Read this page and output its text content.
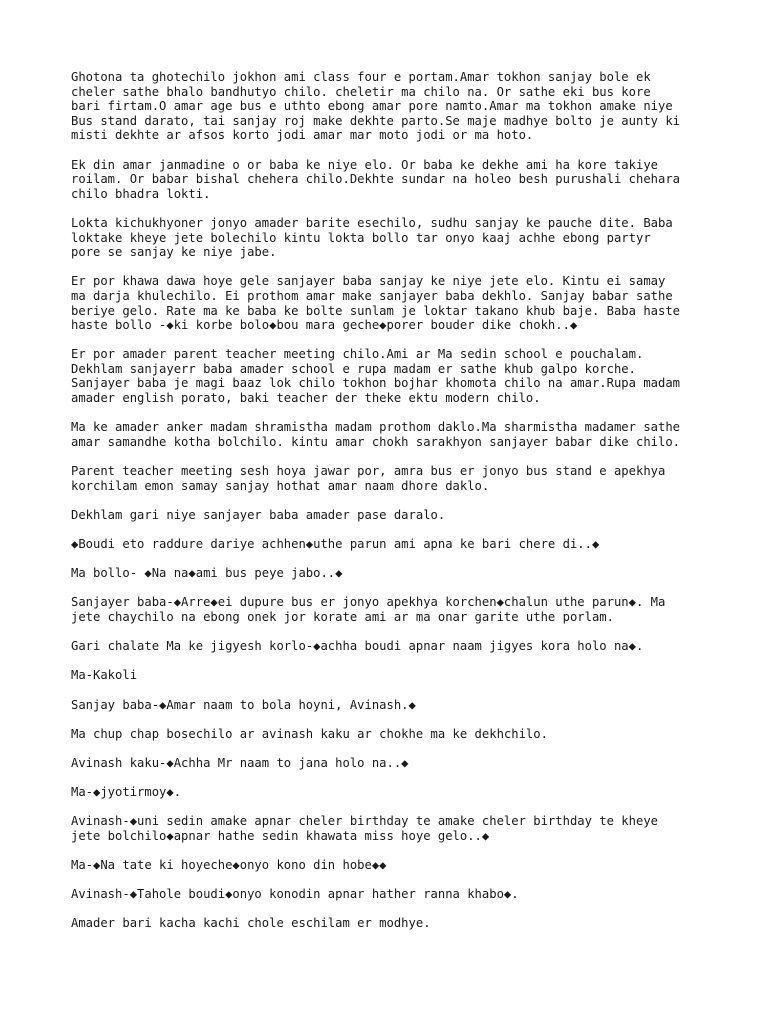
Ghotona ta ghotechilo jokhon ami class four e portam.Amar tokhon sanjay bole ek
cheler sathe bhalo bandhutyo chilo. cheletir ma chilo na. Or sathe eki bus kore
bari firtam.O amar age bus e uthto ebong amar pore namto.Amar ma tokhon amake niye
Bus stand darato, tai sanjay roj make dekhte parto.Se maje madhye bolto je aunty ki
misti dekhte ar afsos korto jodi amar mar moto jodi or ma hoto.

Ek din amar janmadine o or baba ke niye elo. Or baba ke dekhe ami ha kore takiye
roilam. Or babar bishal chehera chilo.Dekhte sundar na holeo besh purushali chehara
chilo bhadra lokti.

Lokta kichukhyoner jonyo amader barite esechilo, sudhu sanjay ke pauche dite. Baba
loktake kheye jete bolechilo kintu lokta bollo tar onyo kaaj achhe ebong partyr
pore se sanjay ke niye jabe.

Er por khawa dawa hoye gele sanjayer baba sanjay ke niye jete elo. Kintu ei samay
ma darja khulechilo. Ei prothom amar make sanjayer baba dekhlo. Sanjay babar sathe
beriye gelo. Rate ma ke baba ke bolte sunlam je loktar takano khub baje. Baba haste
haste bollo -◆ki korbe bolo◆bou mara geche◆porer bouder dike chokh..◆

Er por amader parent teacher meeting chilo.Ami ar Ma sedin school e pouchalam.
Dekhlam sanjayerr baba amader school e rupa madam er sathe khub galpo korche.
Sanjayer baba je magi baaz lok chilo tokhon bojhar khomota chilo na amar.Rupa madam
amader english porato, baki teacher der theke ektu modern chilo.

Ma ke amader anker madam shramistha madam prothom daklo.Ma sharmistha madamer sathe
amar samandhe kotha bolchilo. kintu amar chokh sarakhyon sanjayer babar dike chilo.

Parent teacher meeting sesh hoya jawar por, amra bus er jonyo bus stand e apekhya
korchilam emon samay sanjay hothat amar naam dhore daklo.

Dekhlam gari niye sanjayer baba amader pase daralo.

◆Boudi eto raddure dariye achhen◆uthe parun ami apna ke bari chere di..◆

Ma bollo- ◆Na na◆ami bus peye jabo..◆

Sanjayer baba-◆Arre◆ei dupure bus er jonyo apekhya korchen◆chalun uthe parun◆. Ma
jete chaychilo na ebong onek jor korate ami ar ma onar garite uthe porlam.

Gari chalate Ma ke jigyesh korlo-◆achha boudi apnar naam jigyes kora holo na◆.

Ma-Kakoli

Sanjay baba-◆Amar naam to bola hoyni, Avinash.◆

Ma chup chap bosechilo ar avinash kaku ar chokhe ma ke dekhchilo.

Avinash kaku-◆Achha Mr naam to jana holo na..◆

Ma-◆jyotirmoy◆.

Avinash-◆uni sedin amake apnar cheler birthday te amake cheler birthday te kheye
jete bolchilo◆apnar hathe sedin khawata miss hoye gelo..◆

Ma-◆Na tate ki hoyeche◆onyo kono din hobe◆◆

Avinash-◆Tahole boudi◆onyo konodin apnar hather ranna khabo◆.

Amader bari kacha kachi chole eschilam er modhye.
